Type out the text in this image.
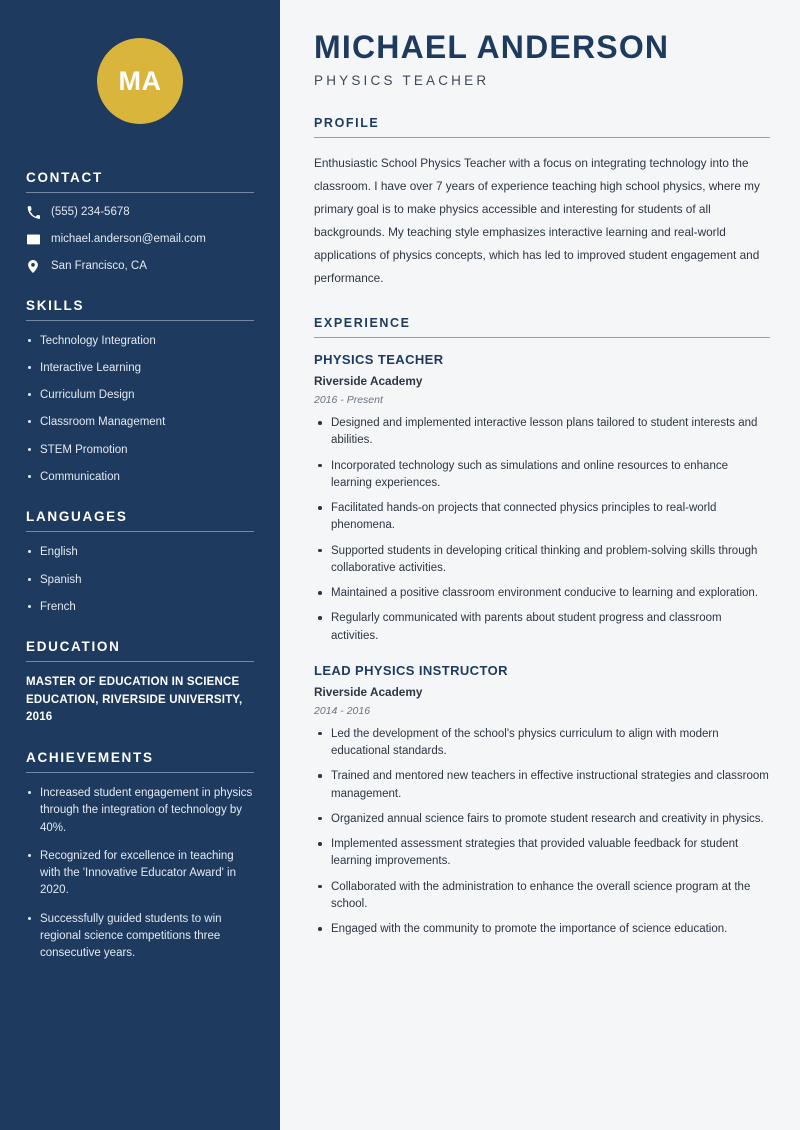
MA
CONTACT
(555) 234-5678
michael.anderson@email.com
San Francisco, CA
SKILLS
Technology Integration
Interactive Learning
Curriculum Design
Classroom Management
STEM Promotion
Communication
LANGUAGES
English
Spanish
French
EDUCATION
MASTER OF EDUCATION IN SCIENCE EDUCATION, RIVERSIDE UNIVERSITY, 2016
ACHIEVEMENTS
Increased student engagement in physics through the integration of technology by 40%.
Recognized for excellence in teaching with the 'Innovative Educator Award' in 2020.
Successfully guided students to win regional science competitions three consecutive years.
MICHAEL ANDERSON
PHYSICS TEACHER
PROFILE

Enthusiastic School Physics Teacher with a focus on integrating technology into the classroom. I have over 7 years of experience teaching high school physics, where my primary goal is to make physics accessible and interesting for students of all backgrounds. My teaching style emphasizes interactive learning and real-world applications of physics concepts, which has led to improved student engagement and performance.

EXPERIENCE
PHYSICS TEACHER
Riverside Academy
2016 - Present
Designed and implemented interactive lesson plans tailored to student interests and abilities.
Incorporated technology such as simulations and online resources to enhance learning experiences.
Facilitated hands-on projects that connected physics principles to real-world phenomena.
Supported students in developing critical thinking and problem-solving skills through collaborative activities.
Maintained a positive classroom environment conducive to learning and exploration.
Regularly communicated with parents about student progress and classroom activities.
LEAD PHYSICS INSTRUCTOR
Riverside Academy
2014 - 2016
Led the development of the school's physics curriculum to align with modern educational standards.
Trained and mentored new teachers in effective instructional strategies and classroom management.
Organized annual science fairs to promote student research and creativity in physics.
Implemented assessment strategies that provided valuable feedback for student learning improvements.
Collaborated with the administration to enhance the overall science program at the school.
Engaged with the community to promote the importance of science education.
